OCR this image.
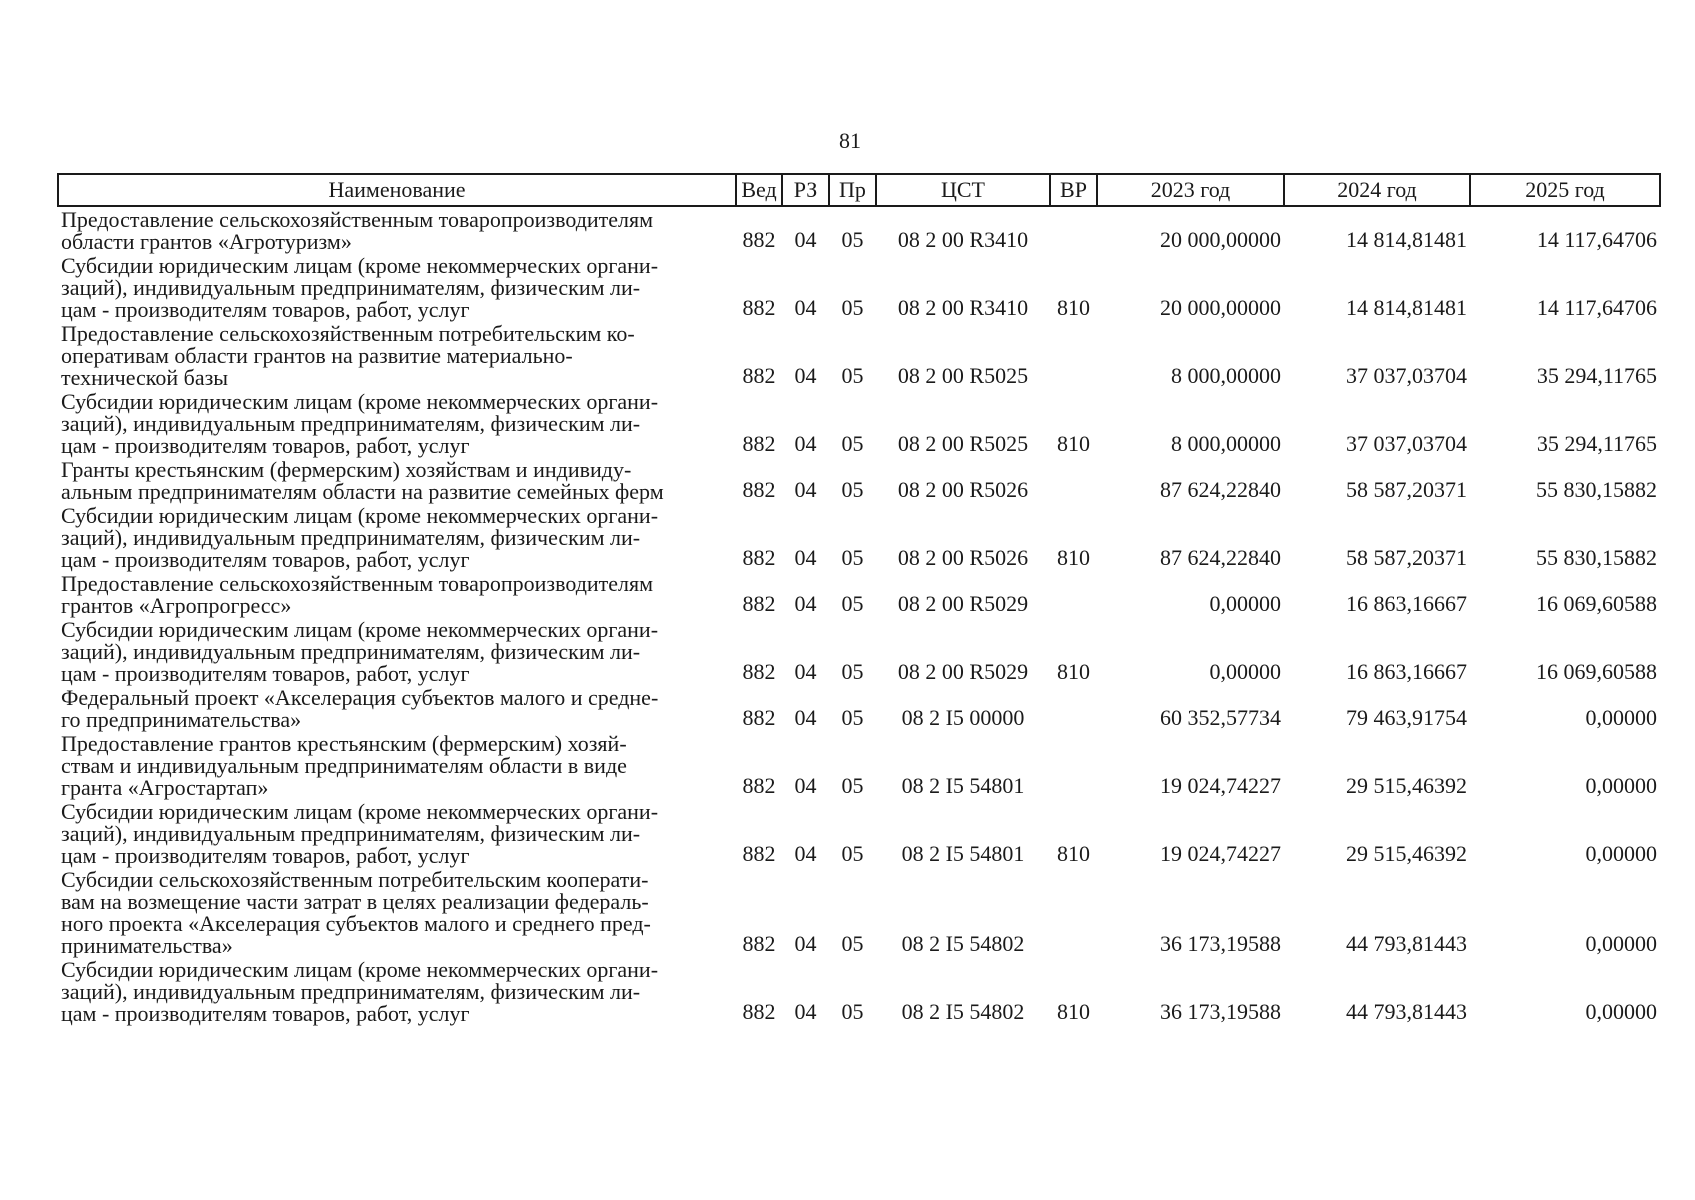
81
Наименование	Вед	РЗ	Пр	ЦСТ	ВР	2023 год	2024 год	2025 год
Предоставление сельскохозяйственным товаропроизводителям
области грантов «Агротуризм»	882	04	05	08 2 00 R3410		20 000,00000	14 814,81481	14 117,64706
Субсидии юридическим лицам (кроме некоммерческих органи-
заций), индивидуальным предпринимателям, физическим ли-
цам - производителям товаров, работ, услуг	882	04	05	08 2 00 R3410	810	20 000,00000	14 814,81481	14 117,64706
Предоставление сельскохозяйственным потребительским ко-
оперативам области грантов на развитие материально-
технической базы	882	04	05	08 2 00 R5025		8 000,00000	37 037,03704	35 294,11765
Субсидии юридическим лицам (кроме некоммерческих органи-
заций), индивидуальным предпринимателям, физическим ли-
цам - производителям товаров, работ, услуг	882	04	05	08 2 00 R5025	810	8 000,00000	37 037,03704	35 294,11765
Гранты крестьянским (фермерским) хозяйствам и индивиду-
альным предпринимателям области на развитие семейных ферм	882	04	05	08 2 00 R5026		87 624,22840	58 587,20371	55 830,15882
Субсидии юридическим лицам (кроме некоммерческих органи-
заций), индивидуальным предпринимателям, физическим ли-
цам - производителям товаров, работ, услуг	882	04	05	08 2 00 R5026	810	87 624,22840	58 587,20371	55 830,15882
Предоставление сельскохозяйственным товаропроизводителям
грантов «Агропрогресс»	882	04	05	08 2 00 R5029		0,00000	16 863,16667	16 069,60588
Субсидии юридическим лицам (кроме некоммерческих органи-
заций), индивидуальным предпринимателям, физическим ли-
цам - производителям товаров, работ, услуг	882	04	05	08 2 00 R5029	810	0,00000	16 863,16667	16 069,60588
Федеральный проект «Акселерация субъектов малого и средне-
го предпринимательства»	882	04	05	08 2 I5 00000		60 352,57734	79 463,91754	0,00000
Предоставление грантов крестьянским (фермерским) хозяй-
ствам и индивидуальным предпринимателям области в виде
гранта «Агростартап»	882	04	05	08 2 I5 54801		19 024,74227	29 515,46392	0,00000
Субсидии юридическим лицам (кроме некоммерческих органи-
заций), индивидуальным предпринимателям, физическим ли-
цам - производителям товаров, работ, услуг	882	04	05	08 2 I5 54801	810	19 024,74227	29 515,46392	0,00000
Субсидии сельскохозяйственным потребительским кооперати-
вам на возмещение части затрат в целях реализации федераль-
ного проекта «Акселерация субъектов малого и среднего пред-
принимательства»	882	04	05	08 2 I5 54802		36 173,19588	44 793,81443	0,00000
Субсидии юридическим лицам (кроме некоммерческих органи-
заций), индивидуальным предпринимателям, физическим ли-
цам - производителям товаров, работ, услуг	882	04	05	08 2 I5 54802	810	36 173,19588	44 793,81443	0,00000
